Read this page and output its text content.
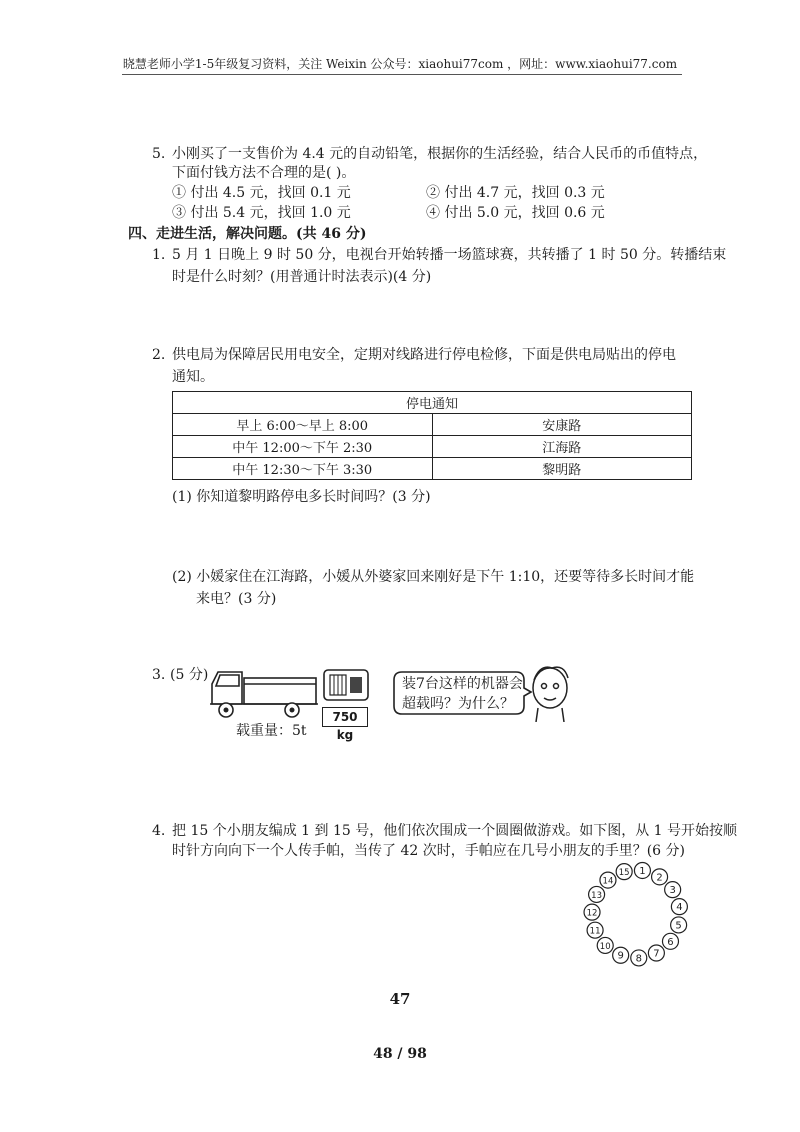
晓慧老师小学1-5年级复习资料，关注 Weixin 公众号：xiaohui77com ，网址：www.xiaohui77.com
5. 小刚买了一支售价为 4.4 元的自动铅笔，根据你的生活经验，结合人民币的币值特点，
下面付钱方法不合理的是( )。
① 付出 4.5 元，找回 0.1 元	② 付出 4.7 元，找回 0.3 元
③ 付出 5.4 元，找回 1.0 元	④ 付出 5.0 元，找回 0.6 元
四、走进生活，解决问题。(共 46 分)
1. 5 月 1 日晚上 9 时 50 分，电视台开始转播一场篮球赛，共转播了 1 时 50 分。转播结束
时是什么时刻？(用普通计时法表示)(4 分)
2. 供电局为保障居民用电安全，定期对线路进行停电检修，下面是供电局贴出的停电
通知。
停电通知	
早上 6:00～早上 8:00	安康路
中午 12:00～下午 2:30	江海路
中午 12:30～下午 3:30	黎明路
(1) 你知道黎明路停电多长时间吗？(3 分)
(2) 小媛家住在江海路，小媛从外婆家回来刚好是下午 1:10，还要等待多长时间才能
来电？(3 分)
3. (5 分)
载重量：5t
750 kg
装7台这样的机器会
超载吗？为什么？
4. 把 15 个小朋友编成 1 到 15 号，他们依次围成一个圆圈做游戏。如下图，从 1 号开始按顺
时针方向向下一个人传手帕，当传了 42 次时，手帕应在几号小朋友的手里？(6 分)
1
2
3
4
5
6
7
8
9
10
11
12
13
14
15
47
48 / 98
